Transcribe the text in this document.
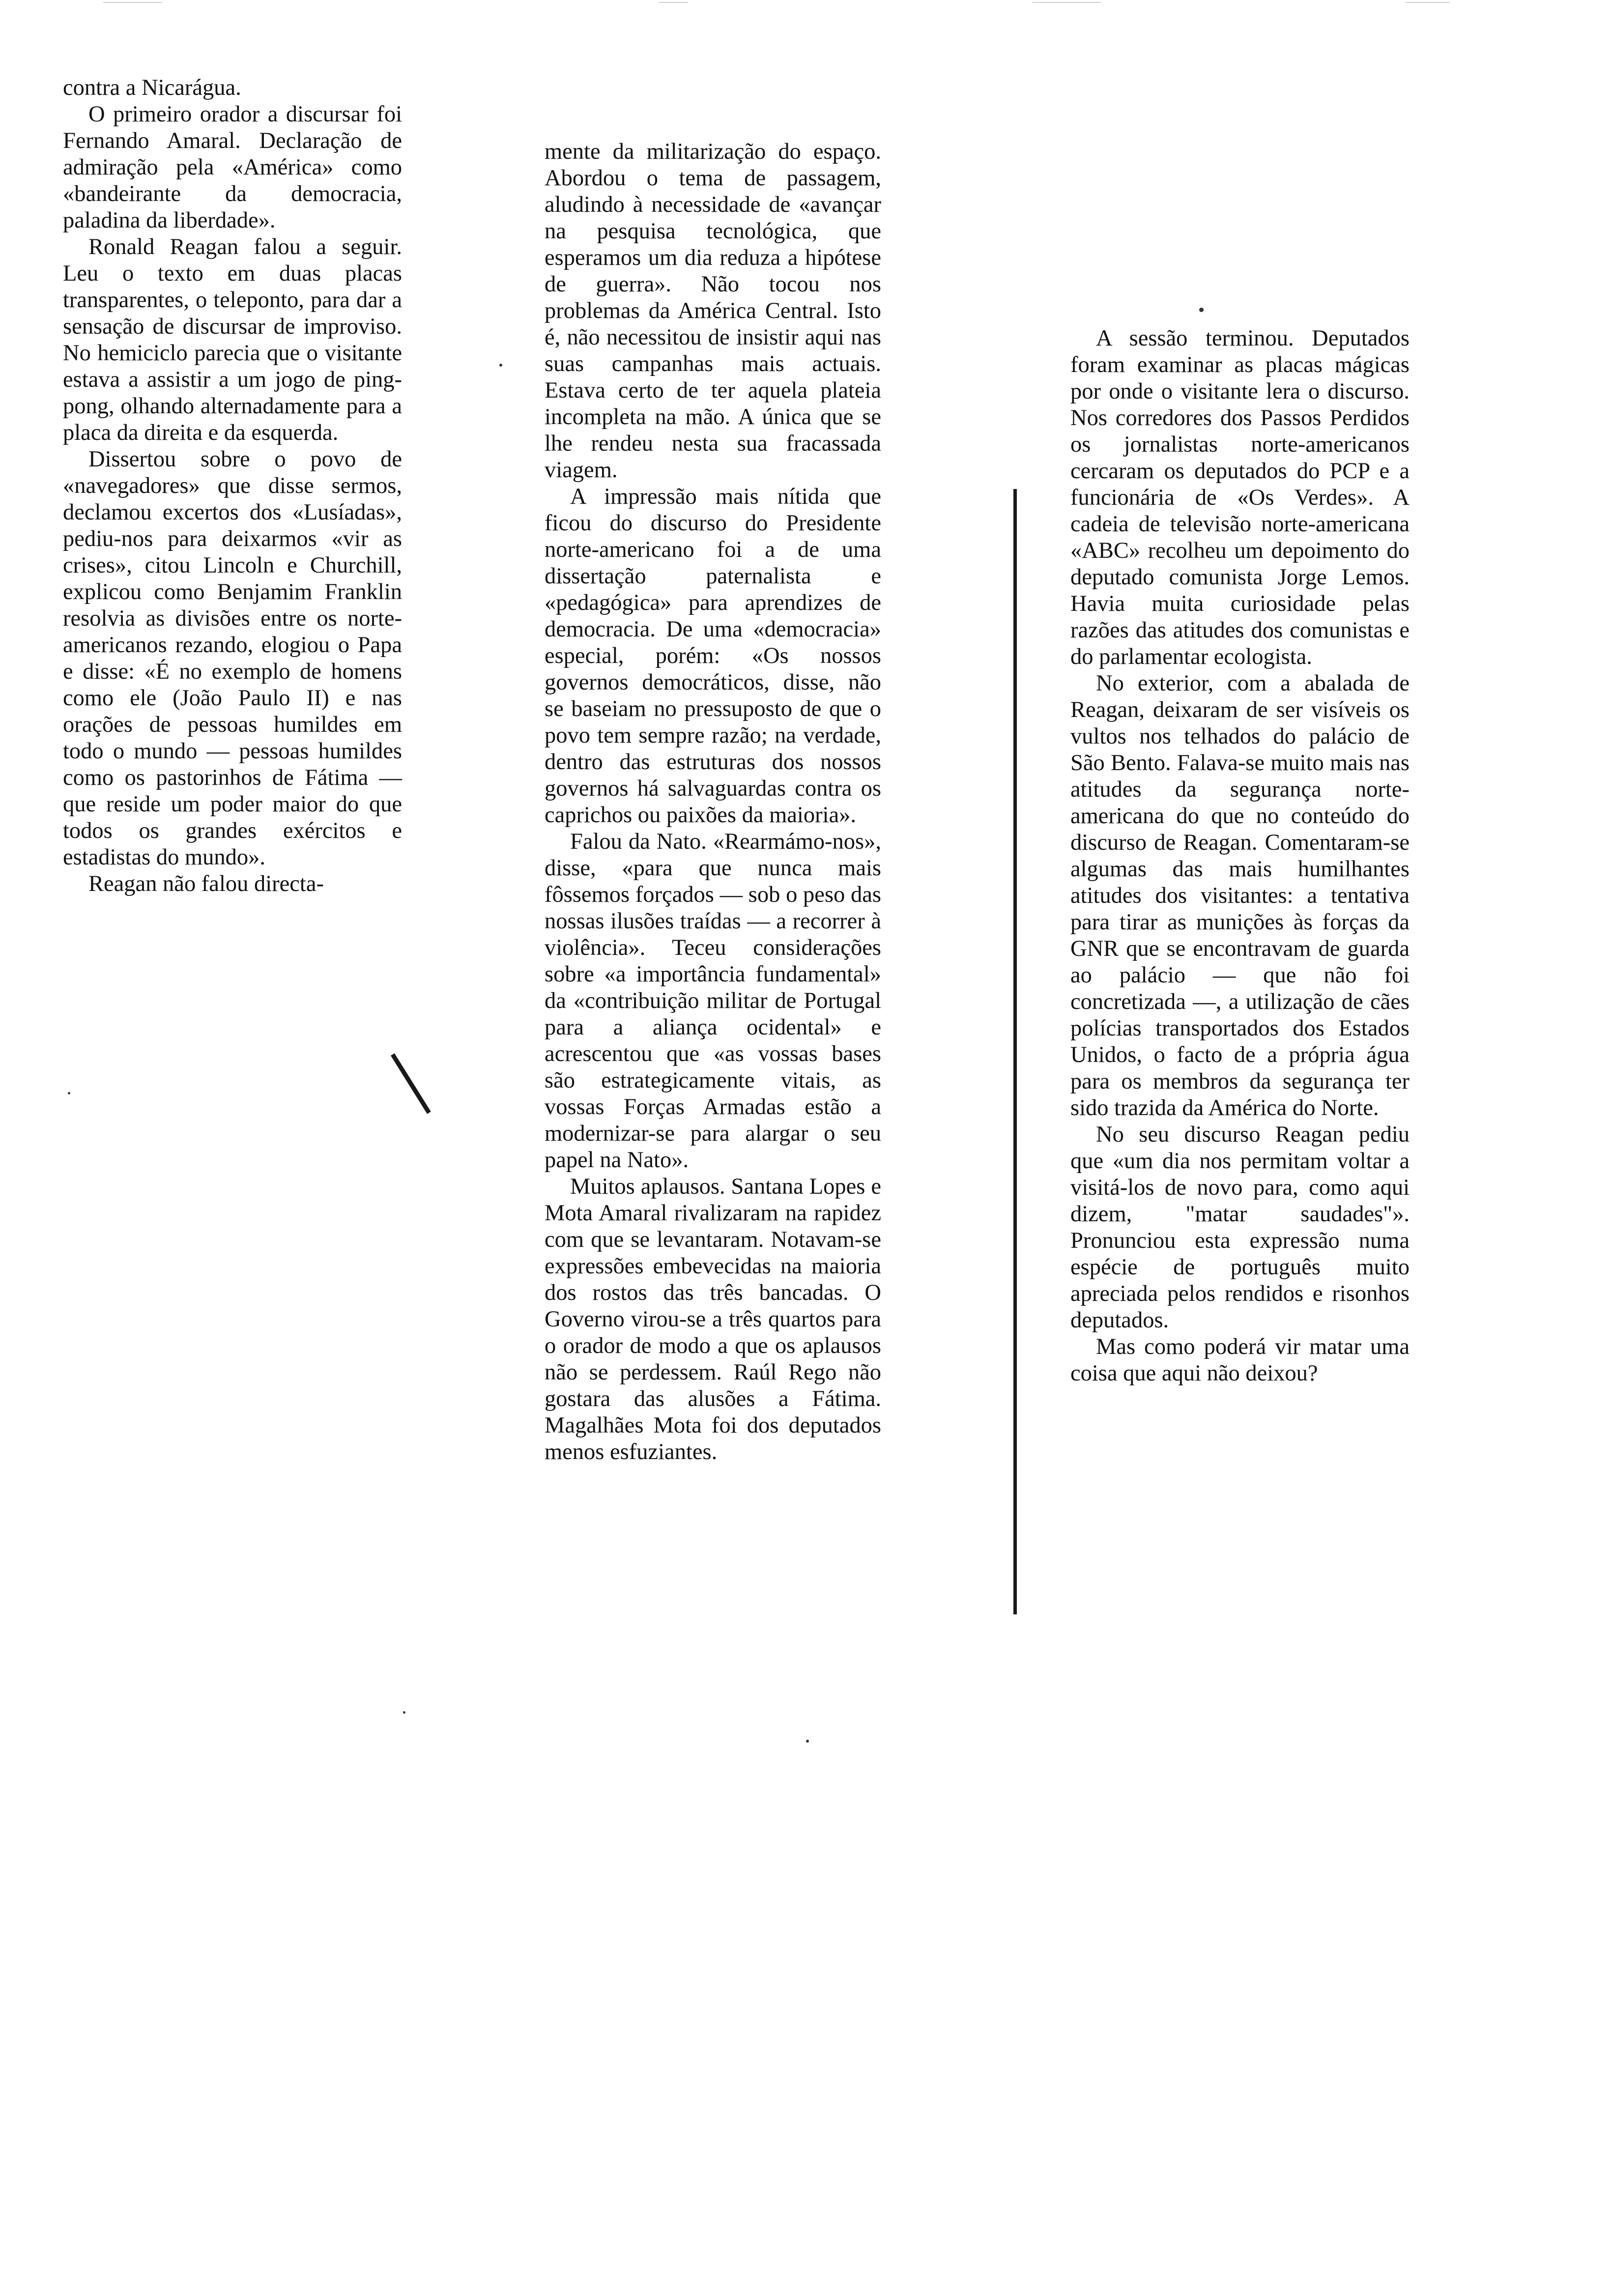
contra a Nicarágua.

O primeiro orador a discursar foi Fernando Amaral. Declaração de admiração pela «América» como «bandeirante da democracia, paladina da liberdade».

Ronald Reagan falou a seguir. Leu o texto em duas placas transparentes, o teleponto, para dar a sensação de discursar de improviso. No hemiciclo parecia que o visitante estava a assistir a um jogo de ping-pong, olhando alternadamente para a placa da direita e da esquerda.

Dissertou sobre o povo de «navegadores» que disse sermos, declamou excertos dos «Lusíadas», pediu-nos para deixarmos «vir as crises», citou Lincoln e Churchill, explicou como Benjamim Franklin resolvia as divisões entre os norte-americanos rezando, elogiou o Papa e disse: «É no exemplo de homens como ele (João Paulo II) e nas orações de pessoas humildes em todo o mundo — pessoas humildes como os pastorinhos de Fátima — que reside um poder maior do que todos os grandes exércitos e estadistas do mundo».

Reagan não falou directa-

mente da militarização do espaço. Abordou o tema de passagem, aludindo à necessidade de «avançar na pesquisa tecnológica, que esperamos um dia reduza a hipótese de guerra». Não tocou nos problemas da América Central. Isto é, não necessitou de insistir aqui nas suas campanhas mais actuais. Estava certo de ter aquela plateia incompleta na mão. A única que se lhe rendeu nesta sua fracassada viagem.

A impressão mais nítida que ficou do discurso do Presidente norte-americano foi a de uma dissertação paternalista e «pedagógica» para aprendizes de democracia. De uma «democracia» especial, porém: «Os nossos governos democráticos, disse, não se baseiam no pressuposto de que o povo tem sempre razão; na verdade, dentro das estruturas dos nossos governos há salvaguardas contra os caprichos ou paixões da maioria».

Falou da Nato. «Rearmámo-nos», disse, «para que nunca mais fôssemos forçados — sob o peso das nossas ilusões traídas — a recorrer à violência». Teceu considerações sobre «a importância fundamental» da «contribuição militar de Portugal para a aliança ocidental» e acrescentou que «as vossas bases são estrategicamente vitais, as vossas Forças Armadas estão a modernizar-se para alargar o seu papel na Nato».

Muitos aplausos. Santana Lopes e Mota Amaral rivalizaram na rapidez com que se levantaram. Notavam-se expressões embevecidas na maioria dos rostos das três bancadas. O Governo virou-se a três quartos para o orador de modo a que os aplausos não se perdessem. Raúl Rego não gostara das alusões a Fátima. Magalhães Mota foi dos deputados menos esfuziantes.

A sessão terminou. Deputados foram examinar as placas mágicas por onde o visitante lera o discurso. Nos corredores dos Passos Perdidos os jornalistas norte-americanos cercaram os deputados do PCP e a funcionária de «Os Verdes». A cadeia de televisão norte-americana «ABC» recolheu um depoimento do deputado comunista Jorge Lemos. Havia muita curiosidade pelas razões das atitudes dos comunistas e do parlamentar ecologista.

No exterior, com a abalada de Reagan, deixaram de ser visíveis os vultos nos telhados do palácio de São Bento. Falava-se muito mais nas atitudes da segurança norte-americana do que no conteúdo do discurso de Reagan. Comentaram-se algumas das mais humilhantes atitudes dos visitantes: a tentativa para tirar as munições às forças da GNR que se encontravam de guarda ao palácio — que não foi concretizada —, a utilização de cães polícias transportados dos Estados Unidos, o facto de a própria água para os membros da segurança ter sido trazida da América do Norte.

No seu discurso Reagan pediu que «um dia nos permitam voltar a visitá-los de novo para, como aqui dizem, "matar saudades"». Pronunciou esta expressão numa espécie de português muito apreciada pelos rendidos e risonhos deputados.

Mas como poderá vir matar uma coisa que aqui não deixou?
